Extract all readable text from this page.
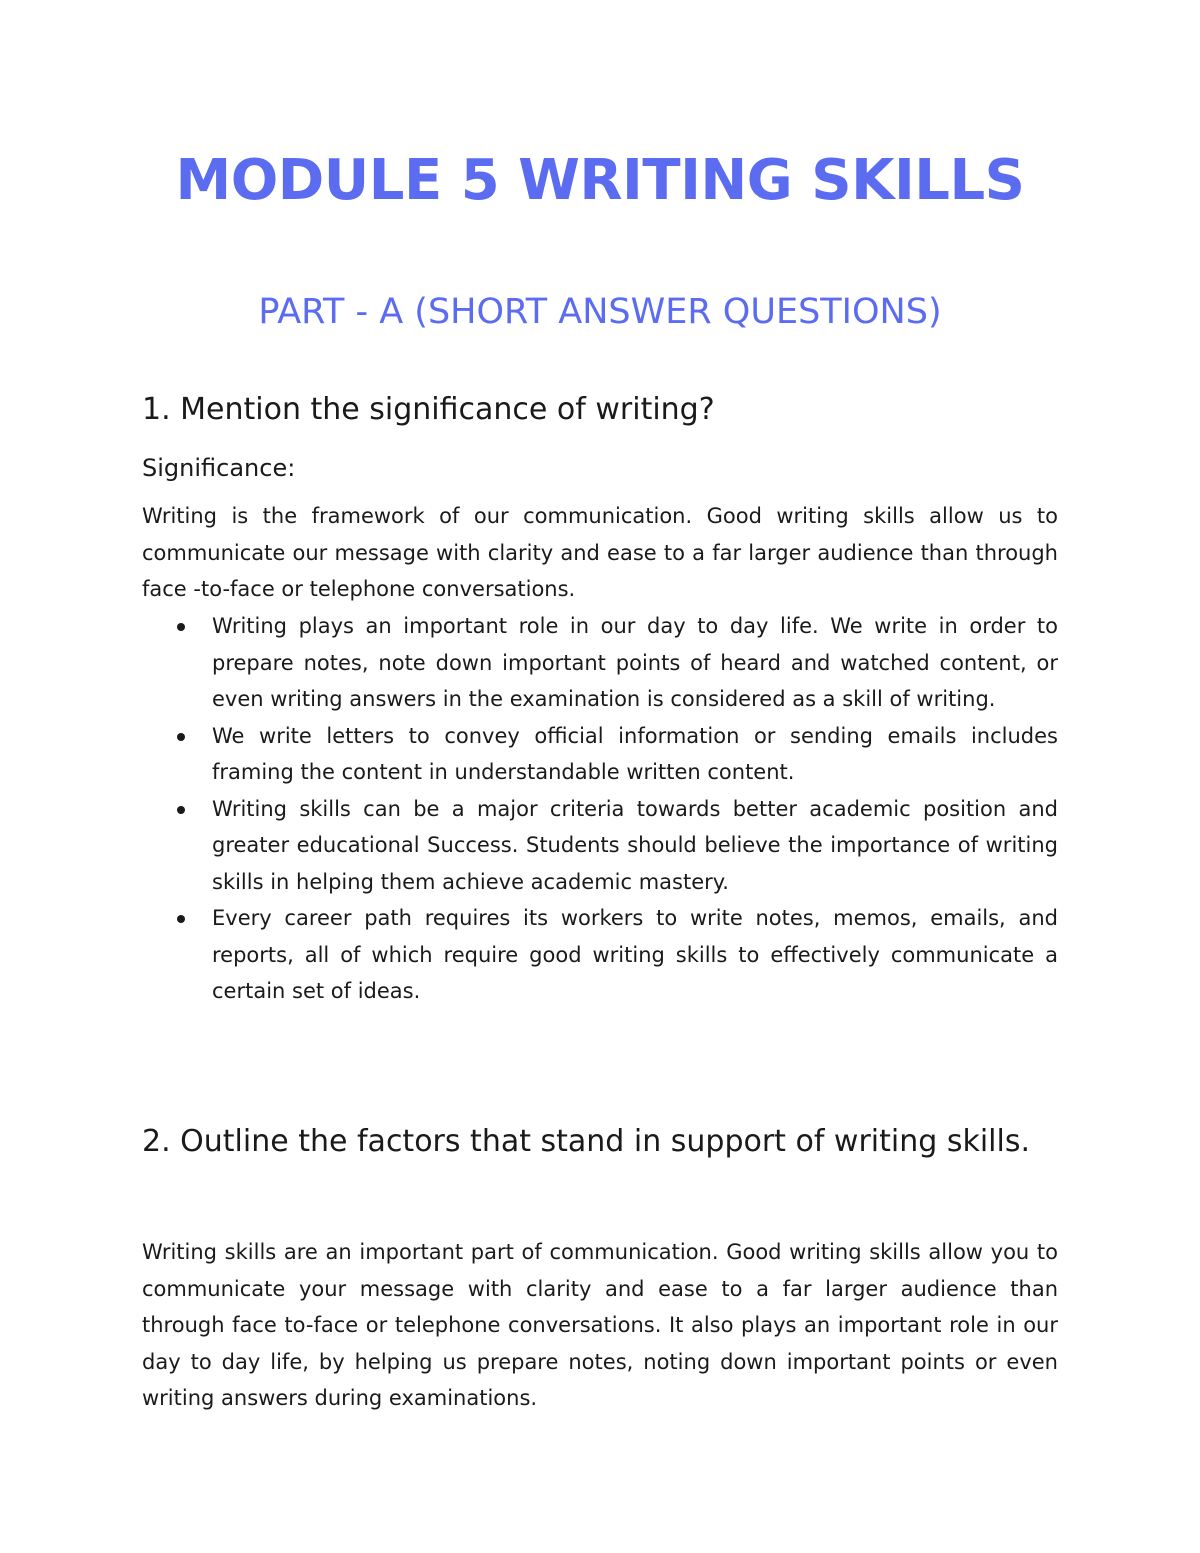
MODULE 5 WRITING SKILLS
PART - A (SHORT ANSWER QUESTIONS)
1. Mention the significance of writing?

Significance:

Writing is the framework of our communication. Good writing skills allow us to communicate our message with clarity and ease to a far larger audience than through face -to-face or telephone conversations.

Writing plays an important role in our day to day life. We write in order to prepare notes, note down important points of heard and watched content, or even writing answers in the examination is considered as a skill of writing.
We write letters to convey official information or sending emails includes framing the content in understandable written content.
Writing skills can be a major criteria towards better academic position and greater educational Success. Students should believe the importance of writing skills in helping them achieve academic mastery.
Every career path requires its workers to write notes, memos, emails, and reports, all of which require good writing skills to effectively communicate a certain set of ideas.
2. Outline the factors that stand in support of writing skills.

Writing skills are an important part of communication. Good writing skills allow you to communicate your message with clarity and ease to a far larger audience than through face to-face or telephone conversations. It also plays an important role in our day to day life, by helping us prepare notes, noting down important points or even writing answers during examinations.
